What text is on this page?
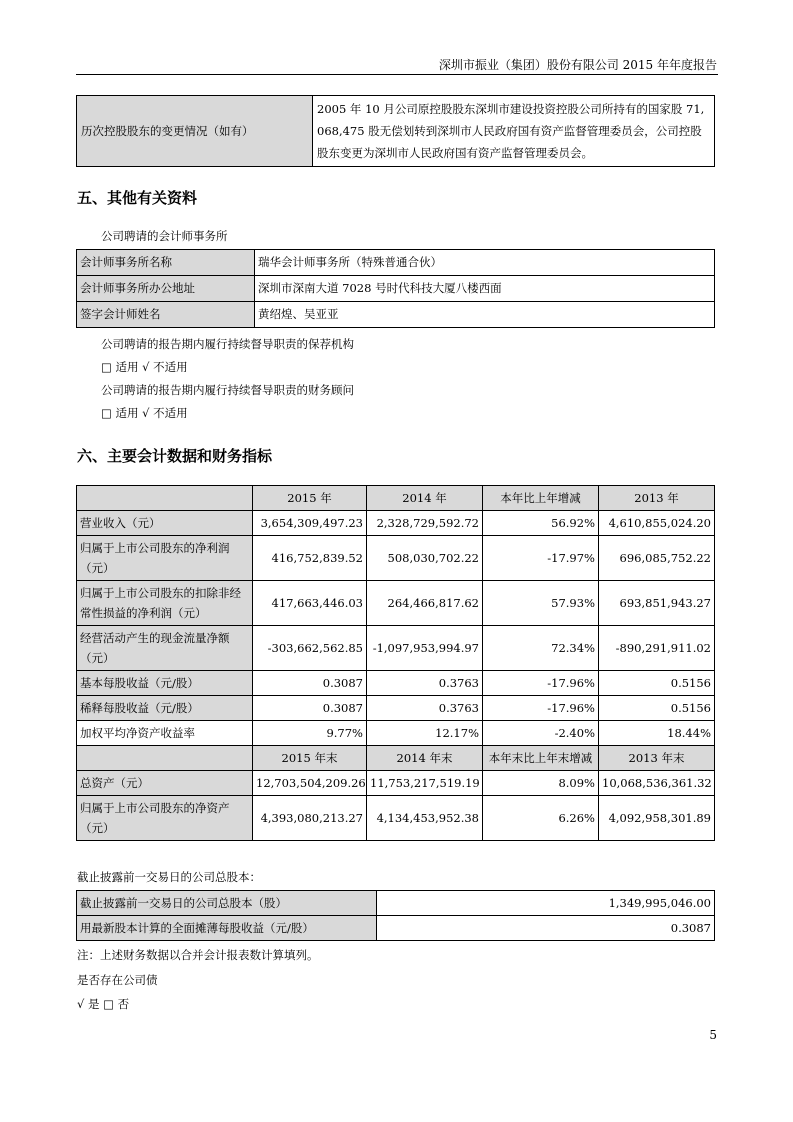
深圳市振业（集团）股份有限公司 2015 年年度报告
历次控股股东的变更情况（如有）	2005 年 10 月公司原控股股东深圳市建设投资控股公司所持有的国家股 71,068,475 股无偿划转到深圳市人民政府国有资产监督管理委员会，公司控股股东变更为深圳市人民政府国有资产监督管理委员会。
五、其他有关资料
公司聘请的会计师事务所
会计师事务所名称	瑞华会计师事务所（特殊普通合伙）
会计师事务所办公地址	深圳市深南大道 7028 号时代科技大厦八楼西面
签字会计师姓名	黄绍煌、吴亚亚
公司聘请的报告期内履行持续督导职责的保荐机构
□ 适用 √ 不适用
公司聘请的报告期内履行持续督导职责的财务顾问
□ 适用 √ 不适用
六、主要会计数据和财务指标
	2015 年	2014 年	本年比上年增减	2013 年
营业收入（元）	3,654,309,497.23	2,328,729,592.72	56.92%	4,610,855,024.20
归属于上市公司股东的净利润（元）	416,752,839.52	508,030,702.22	-17.97%	696,085,752.22
归属于上市公司股东的扣除非经常性损益的净利润（元）	417,663,446.03	264,466,817.62	57.93%	693,851,943.27
经营活动产生的现金流量净额（元）	-303,662,562.85	-1,097,953,994.97	72.34%	-890,291,911.02
基本每股收益（元/股）	0.3087	0.3763	-17.96%	0.5156
稀释每股收益（元/股）	0.3087	0.3763	-17.96%	0.5156
加权平均净资产收益率	9.77%	12.17%	-2.40%	18.44%
	2015 年末	2014 年末	本年末比上年末增减	2013 年末
总资产（元）	12,703,504,209.26	11,753,217,519.19	8.09%	10,068,536,361.32
归属于上市公司股东的净资产（元）	4,393,080,213.27	4,134,453,952.38	6.26%	4,092,958,301.89
截止披露前一交易日的公司总股本：
截止披露前一交易日的公司总股本（股）	1,349,995,046.00
用最新股本计算的全面摊薄每股收益（元/股）	0.3087
注：上述财务数据以合并会计报表数计算填列。
是否存在公司债
√ 是 □ 否
5
